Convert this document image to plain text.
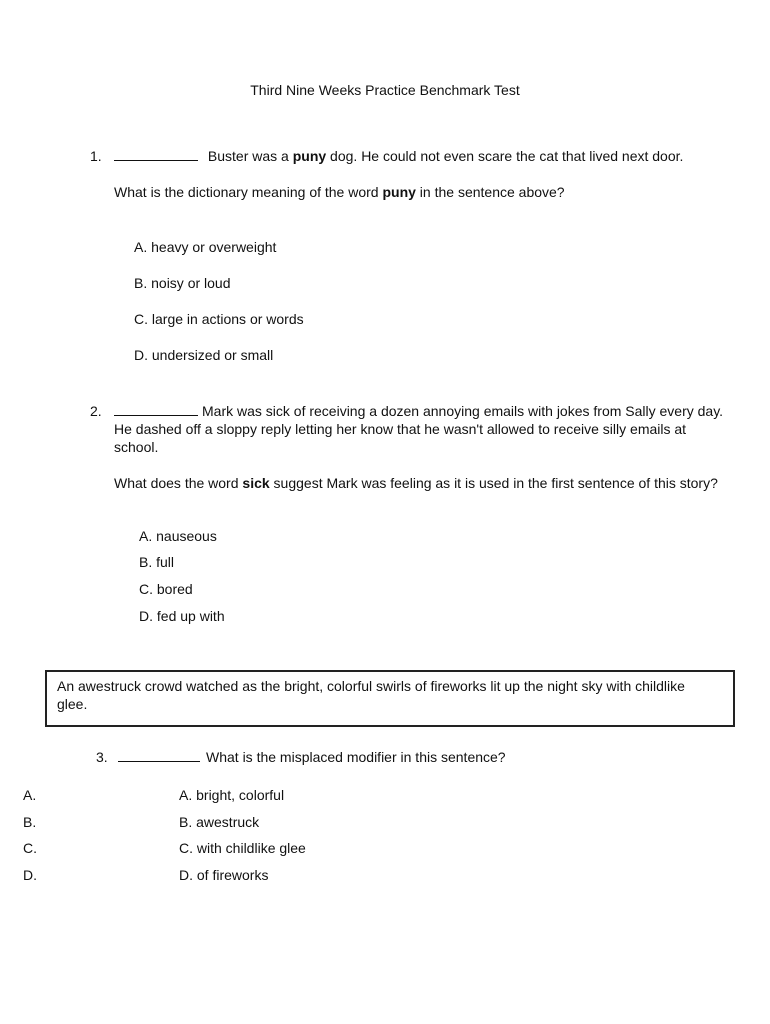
Third Nine Weeks Practice Benchmark Test
1.	Buster was a puny dog. He could not even scare the cat that lived next door.
What is the dictionary meaning of the word puny in the sentence above?
A. heavy or overweight
B. noisy or loud
C. large in actions or words
D. undersized or small
2.	Mark was sick of receiving a dozen annoying emails with jokes from Sally every day. He dashed off a sloppy reply letting her know that he wasn't allowed to receive silly emails at school.
What does the word sick suggest Mark was feeling as it is used in the first sentence of this story?
A. nauseous
B. full
C. bored
D. fed up with
An awestruck crowd watched as the bright, colorful swirls of fireworks lit up the night sky with childlike glee.
3.	What is the misplaced modifier in this sentence?
A.
B.
C.
D.
A. bright, colorful
B. awestruck
C. with childlike glee
D. of fireworks
